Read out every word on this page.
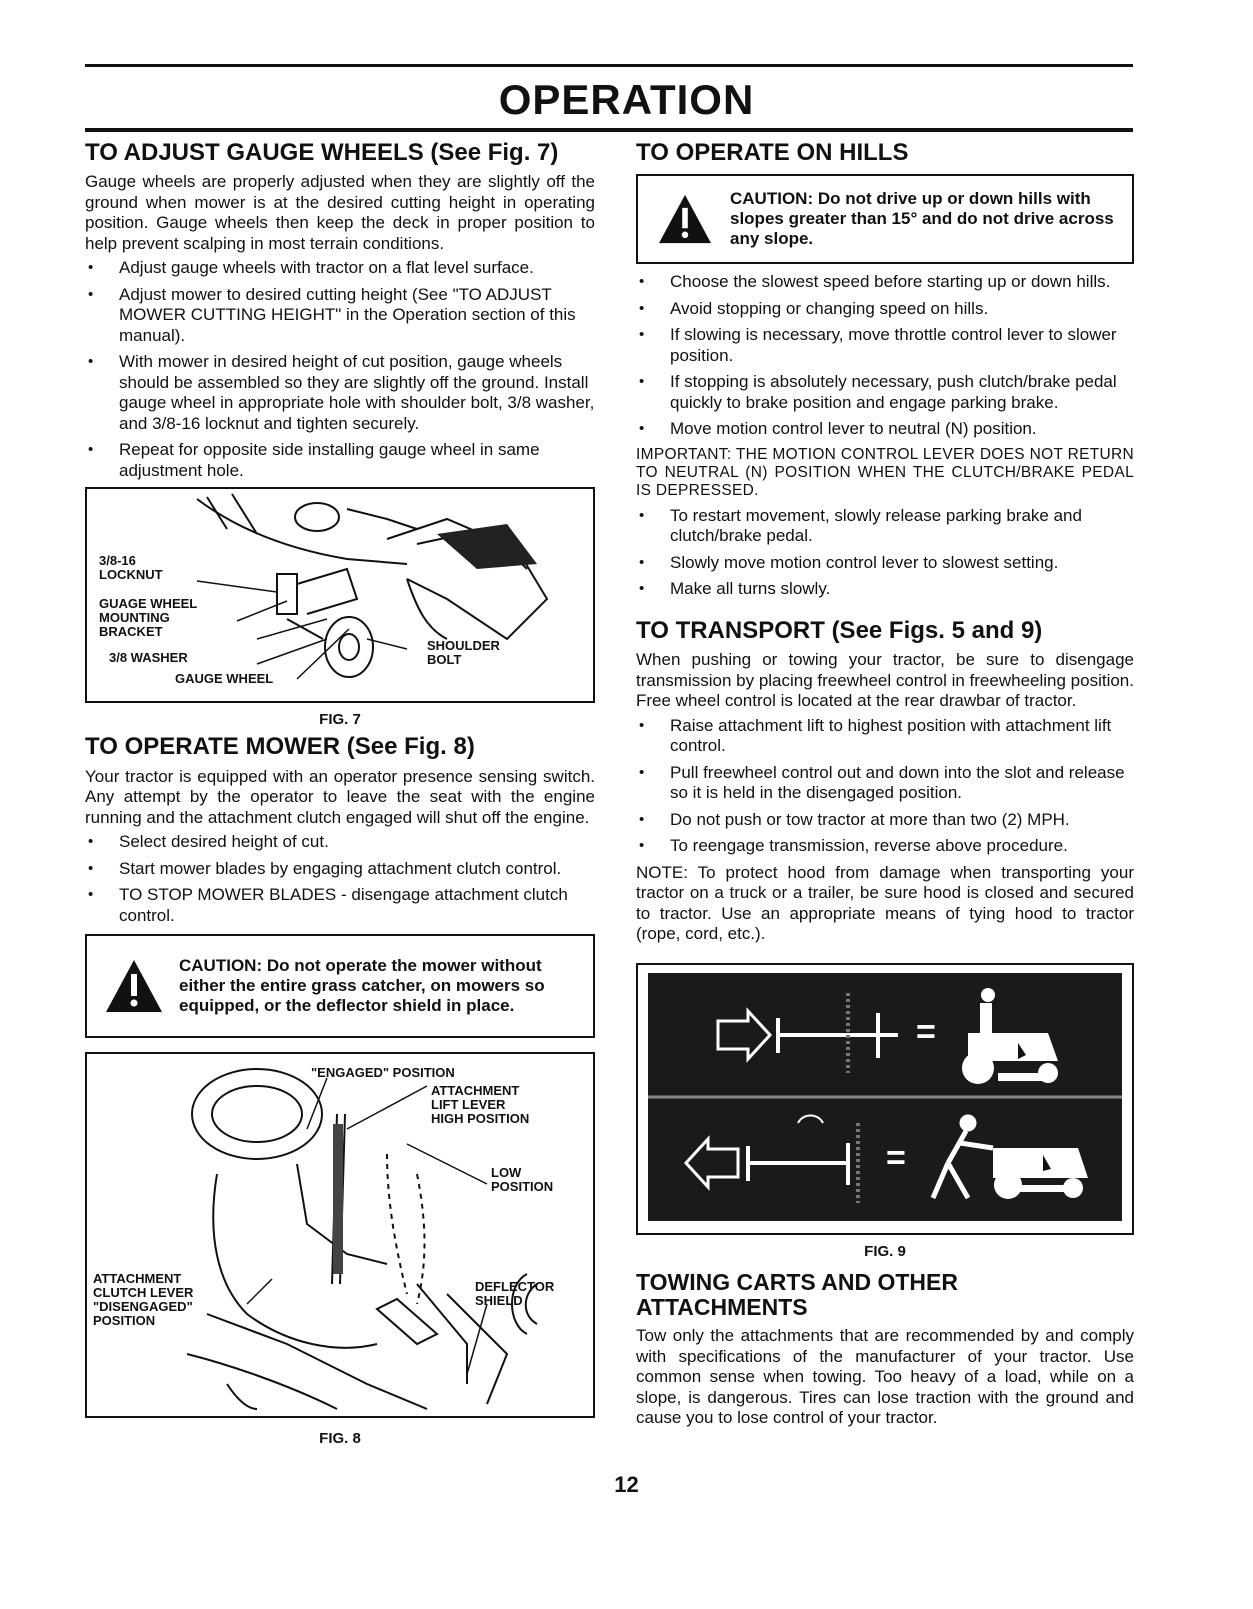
OPERATION
TO ADJUST GAUGE WHEELS (See Fig. 7)

Gauge wheels are properly adjusted when they are slightly off the ground when mower is at the desired cutting height in operating position. Gauge wheels then keep the deck in proper position to help prevent scalping in most terrain conditions.

• Adjust gauge wheels with tractor on a flat level surface.
• Adjust mower to desired cutting height (See "TO ADJUST MOWER CUTTING HEIGHT" in the Operation section of this manual).
• With mower in desired height of cut position, gauge wheels should be assembled so they are slightly off the ground. Install gauge wheel in appropriate hole with shoulder bolt, 3/8 washer, and 3/8-16 locknut and tighten securely.
• Repeat for opposite side installing gauge wheel in same adjustment hole.
3/8-16
LOCKNUT
GUAGE WHEEL
MOUNTING
BRACKET
3/8 WASHER
GAUGE WHEEL
SHOULDER
BOLT
FIG. 7
TO OPERATE MOWER (See Fig. 8)

Your tractor is equipped with an operator presence sensing switch. Any attempt by the operator to leave the seat with the engine running and the attachment clutch engaged will shut off the engine.

• Select desired height of cut.
• Start mower blades by engaging attachment clutch control.
• TO STOP MOWER BLADES - disengage attachment clutch control.
CAUTION: Do not operate the mower without either the entire grass catcher, on mowers so equipped, or the deflector shield in place.
"ENGAGED" POSITION
ATTACHMENT
LIFT LEVER
HIGH POSITION
LOW
POSITION
ATTACHMENT
CLUTCH LEVER
"DISENGAGED"
POSITION
DEFLECTOR
SHIELD
FIG. 8
TO OPERATE ON HILLS
CAUTION: Do not drive up or down hills with slopes greater than 15° and do not drive across any slope.
• Choose the slowest speed before starting up or down hills.
• Avoid stopping or changing speed on hills.
• If slowing is necessary, move throttle control lever to slower position.
• If stopping is absolutely necessary, push clutch/brake pedal quickly to brake position and engage parking brake.
• Move motion control lever to neutral (N) position.
IMPORTANT: THE MOTION CONTROL LEVER DOES NOT RETURN TO NEUTRAL (N) POSITION WHEN THE CLUTCH/BRAKE PEDAL IS DEPRESSED.
• To restart movement, slowly release parking brake and clutch/brake pedal.
• Slowly move motion control lever to slowest setting.
• Make all turns slowly.
TO TRANSPORT (See Figs. 5 and 9)

When pushing or towing your tractor, be sure to disengage transmission by placing freewheel control in freewheeling position. Free wheel control is located at the rear drawbar of tractor.

• Raise attachment lift to highest position with attachment lift control.
• Pull freewheel control out and down into the slot and release so it is held in the disengaged position.
• Do not push or tow tractor at more than two (2) MPH.
• To reengage transmission, reverse above procedure.

NOTE: To protect hood from damage when transporting your tractor on a truck or a trailer, be sure hood is closed and secured to tractor. Use an appropriate means of tying hood to tractor (rope, cord, etc.).

=
=
FIG. 9
TOWING CARTS AND OTHER ATTACHMENTS

Tow only the attachments that are recommended by and comply with specifications of the manufacturer of your tractor. Use common sense when towing. Too heavy of a load, while on a slope, is dangerous. Tires can lose traction with the ground and cause you to lose control of your tractor.

12
